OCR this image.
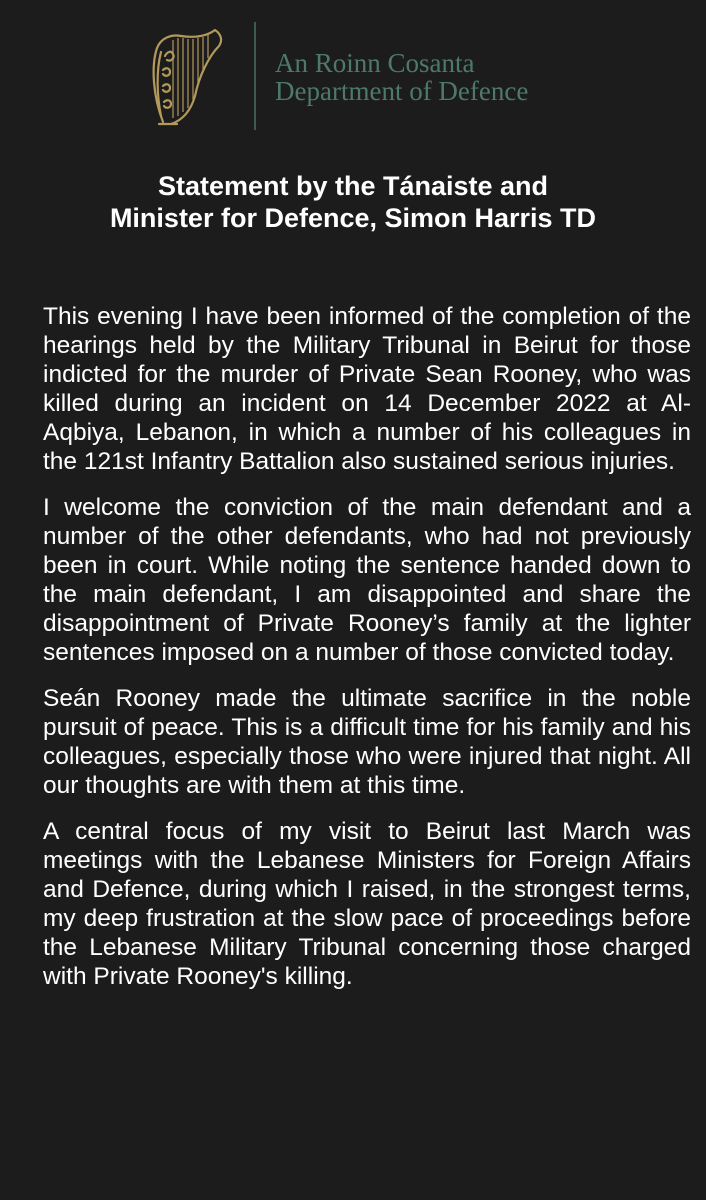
An Roinn Cosanta
Department of Defence
Statement by the Tánaiste and
Minister for Defence, Simon Harris TD

This evening I have been informed of the completion of the hearings held by the Military Tribunal in Beirut for those indicted for the murder of Private Sean Rooney, who was killed during an incident on 14 December 2022 at Al-Aqbiya, Lebanon, in which a number of his colleagues in the 121st Infantry Battalion also sustained serious injuries.

I welcome the conviction of the main defendant and a number of the other defendants, who had not previously been in court. While noting the sentence handed down to the main defendant, I am disappointed and share the disappointment of Private Rooney’s family at the lighter sentences imposed on a number of those convicted today.

Seán Rooney made the ultimate sacrifice in the noble pursuit of peace. This is a difficult time for his family and his colleagues, especially those who were injured that night. All our thoughts are with them at this time.

A central focus of my visit to Beirut last March was meetings with the Lebanese Ministers for Foreign Affairs and Defence, during which I raised, in the strongest terms, my deep frustration at the slow pace of proceedings before the Lebanese Military Tribunal concerning those charged with Private Rooney's killing.
